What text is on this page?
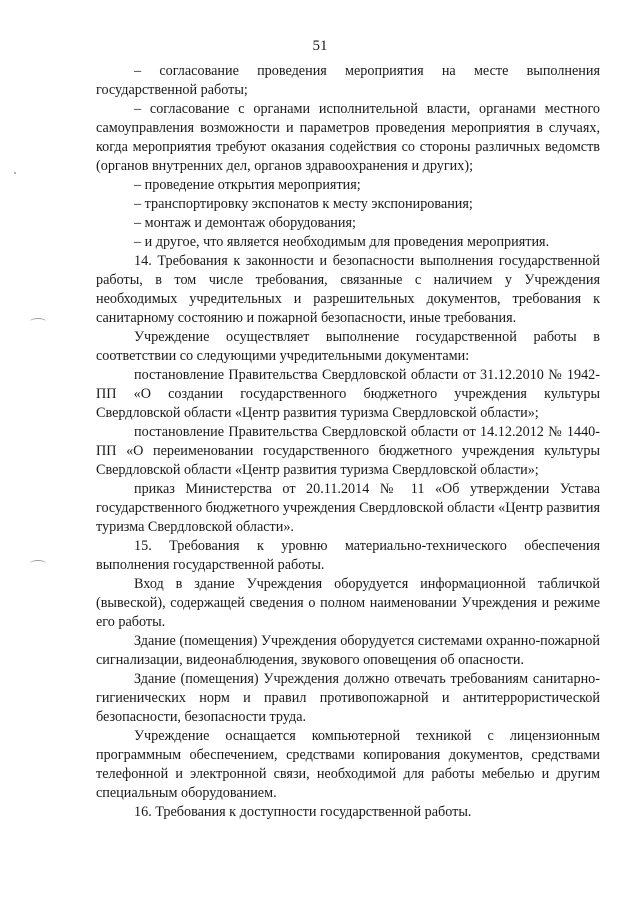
51

– согласование проведения мероприятия на месте выполнения государственной работы;

– согласование с органами исполнительной власти, органами местного самоуправления возможности и параметров проведения мероприятия в случаях, когда мероприятия требуют оказания содействия со стороны различных ведомств (органов внутренних дел, органов здравоохранения и других);

– проведение открытия мероприятия;

– транспортировку экспонатов к месту экспонирования;

– монтаж и демонтаж оборудования;

– и другое, что является необходимым для проведения мероприятия.

14. Требования к законности и безопасности выполнения государственной работы, в том числе требования, связанные с наличием у Учреждения необходимых учредительных и разрешительных документов, требования к санитарному состоянию и пожарной безопасности, иные требования.

Учреждение осуществляет выполнение государственной работы в соответствии со следующими учредительными документами:

постановление Правительства Свердловской области от 31.12.2010 № 1942-ПП «О создании государственного бюджетного учреждения культуры Свердловской области «Центр развития туризма Свердловской области»;

постановление Правительства Свердловской области от 14.12.2012 № 1440-ПП «О переименовании государственного бюджетного учреждения культуры Свердловской области «Центр развития туризма Свердловской области»;

приказ Министерства от 20.11.2014 № 11 «Об утверждении Устава государственного бюджетного учреждения Свердловской области «Центр развития туризма Свердловской области».

15. Требования к уровню материально-технического обеспечения выполнения государственной работы.

Вход в здание Учреждения оборудуется информационной табличкой (вывеской), содержащей сведения о полном наименовании Учреждения и режиме его работы.

Здание (помещения) Учреждения оборудуется системами охранно-пожарной сигнализации, видеонаблюдения, звукового оповещения об опасности.

Здание (помещения) Учреждения должно отвечать требованиям санитарно-гигиенических норм и правил противопожарной и антитеррористической безопасности, безопасности труда.

Учреждение оснащается компьютерной техникой с лицензионным программным обеспечением, средствами копирования документов, средствами телефонной и электронной связи, необходимой для работы мебелью и другим специальным оборудованием.

16. Требования к доступности государственной работы.
